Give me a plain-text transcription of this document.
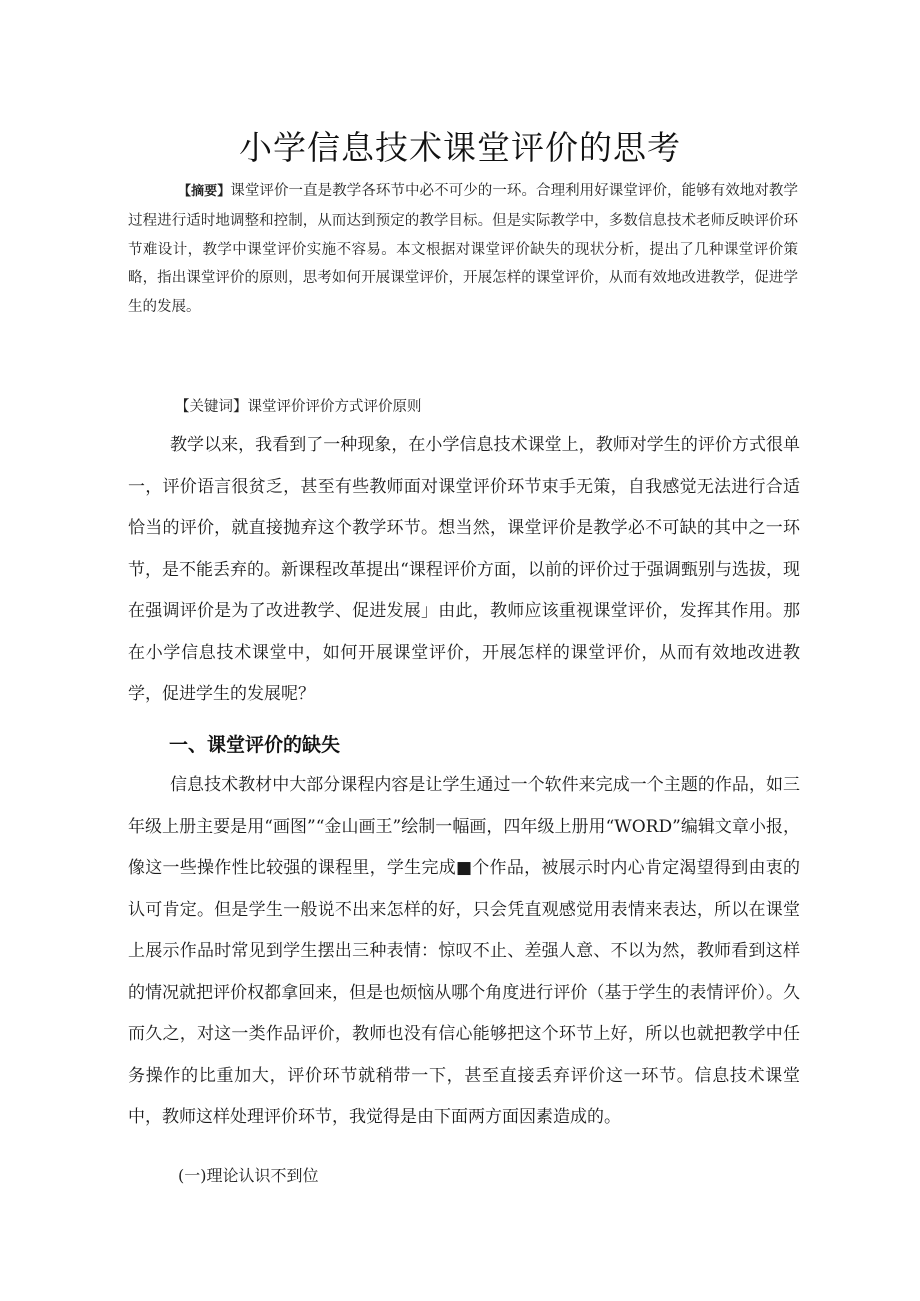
小学信息技术课堂评价的思考

【摘要】课堂评价一直是教学各环节中必不可少的一环。合理利用好课堂评价，能够有效地对教学过程进行适时地调整和控制，从而达到预定的教学目标。但是实际教学中，多数信息技术老师反映评价环节难设计，教学中课堂评价实施不容易。本文根据对课堂评价缺失的现状分析，提出了几种课堂评价策略，指出课堂评价的原则，思考如何开展课堂评价，开展怎样的课堂评价，从而有效地改进教学，促进学生的发展。

【关键词】课堂评价评价方式评价原则

教学以来，我看到了一种现象，在小学信息技术课堂上，教师对学生的评价方式很单一，评价语言很贫乏，甚至有些教师面对课堂评价环节束手无策，自我感觉无法进行合适恰当的评价，就直接抛弃这个教学环节。想当然，课堂评价是教学必不可缺的其中之一环节，是不能丢弃的。新课程改革提出“课程评价方面，以前的评价过于强调甄别与选拔，现在强调评价是为了改进教学、促进发展」由此，教师应该重视课堂评价，发挥其作用。那在小学信息技术课堂中，如何开展课堂评价，开展怎样的课堂评价，从而有效地改进教学，促进学生的发展呢？

一、课堂评价的缺失

信息技术教材中大部分课程内容是让学生通过一个软件来完成一个主题的作品，如三年级上册主要是用“画图”“金山画王”绘制一幅画，四年级上册用“WORD”编辑文章小报，像这一些操作性比较强的课程里，学生完成■个作品，被展示时内心肯定渴望得到由衷的认可肯定。但是学生一般说不出来怎样的好，只会凭直观感觉用表情来表达，所以在课堂上展示作品时常见到学生摆出三种表情：惊叹不止、差强人意、不以为然，教师看到这样的情况就把评价权都拿回来，但是也烦恼从哪个角度进行评价（基于学生的表情评价）。久而久之，对这一类作品评价，教师也没有信心能够把这个环节上好，所以也就把教学中任务操作的比重加大，评价环节就稍带一下，甚至直接丢弃评价这一环节。信息技术课堂中，教师这样处理评价环节，我觉得是由下面两方面因素造成的。

(一)理论认识不到位
